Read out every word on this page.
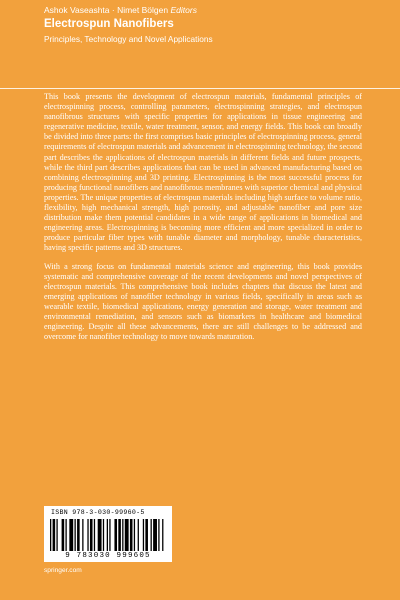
Ashok Vaseashta · Nimet Bölgen Editors
Electrospun Nanofibers
Principles, Technology and Novel Applications

This book presents the development of electrospun materials, fundamental principles of electrospinning process, controlling parameters, electrospinning strategies, and electrospun nanofibrous structures with specific properties for applications in tissue engineering and regenerative medicine, textile, water treatment, sensor, and energy fields. This book can broadly be divided into three parts: the first comprises basic principles of electrospinning process, general requirements of electrospun materials and advancement in electrospinning technology, the second part describes the applications of electrospun materials in different fields and future prospects, while the third part describes applications that can be used in advanced manufacturing based on combining electrospinning and 3D printing. Electrospinning is the most successful process for producing functional nanofibers and nanofibrous membranes with superior chemical and physical properties. The unique properties of electrospun materials including high surface to volume ratio, flexibility, high mechanical strength, high porosity, and adjustable nanofiber and pore size distribution make them potential candidates in a wide range of applications in biomedical and engineering areas. Electrospinning is becoming more efficient and more specialized in order to produce particular fiber types with tunable diameter and morphology, tunable characteristics, having specific patterns and 3D structures.

With a strong focus on fundamental materials science and engineering, this book provides systematic and comprehensive coverage of the recent developments and novel perspectives of electrospun materials. This comprehensive book includes chapters that discuss the latest and emerging applications of nanofiber technology in various fields, specifically in areas such as wearable textile, biomedical applications, energy generation and storage, water treatment and environmental remediation, and sensors such as biomarkers in healthcare and biomedical engineering. Despite all these advancements, there are still challenges to be addressed and overcome for nanofiber technology to move towards maturation.

ISBN 978-3-030-99960-5
9 783030 999605
springer.com
